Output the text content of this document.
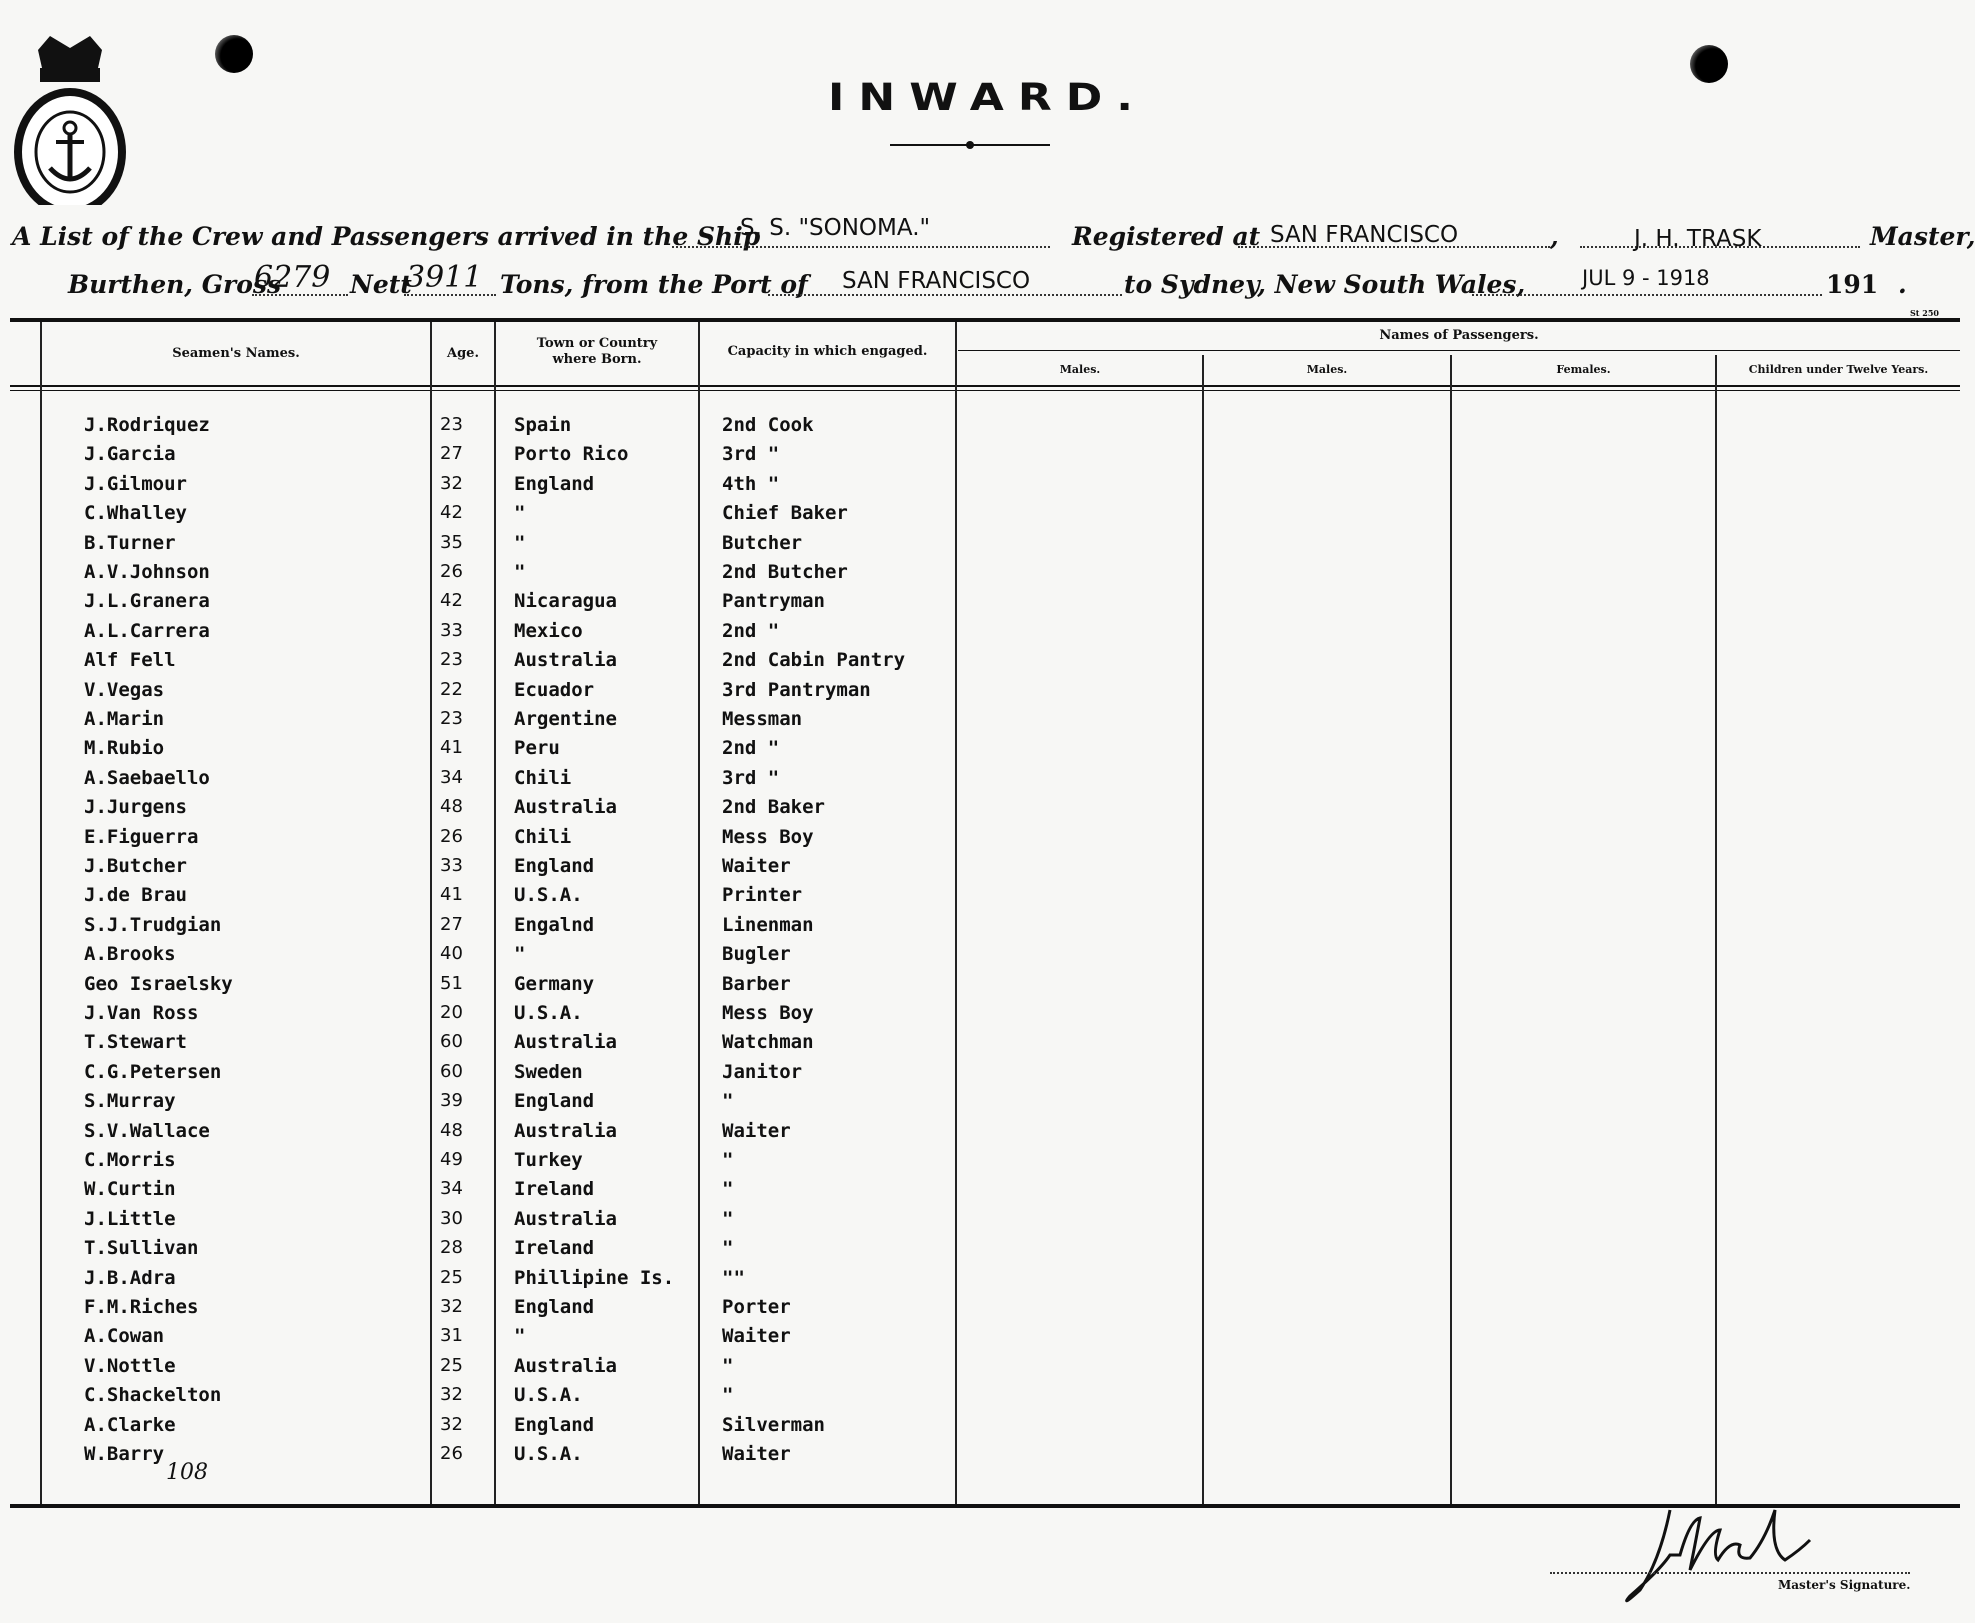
INWARD.
A List of the Crew and Passengers arrived in the Ship
S. S. "SONOMA."	Registered at SAN FRANCISCO	,	J. H. TRASK	Master,
Burthen, Gross
6279 Nett
3911 Tons, from the Port of SAN FRANCISCO	to Sydney, New South Wales,	JUL 9 - 1918	191 .
St 250
Seamen's Names.	Age.
Town or Country
where Born.
Capacity in which engaged.
Names of Passengers.
Males.	Males.	Females.	Children under Twelve Years.
J.Rodriquez	23	Spain	2nd Cook
J.Garcia	27	Porto Rico	3rd "
J.Gilmour	32	England	4th "
C.Whalley	42	"	Chief Baker
B.Turner	35	"	Butcher
A.V.Johnson	26	"	2nd Butcher
J.L.Granera	42	Nicaragua	Pantryman
A.L.Carrera	33	Mexico	2nd "
Alf Fell	23	Australia	2nd Cabin Pantry
V.Vegas	22	Ecuador	3rd Pantryman
A.Marin	23	Argentine	Messman
M.Rubio	41	Peru	2nd "
A.Saebaello	34	Chili	3rd "
J.Jurgens	48	Australia	2nd Baker
E.Figuerra	26	Chili	Mess Boy
J.Butcher	33	England	Waiter
J.de Brau	41	U.S.A.	Printer
S.J.Trudgian	27	Engalnd	Linenman
A.Brooks	40	"	Bugler
Geo Israelsky	51	Germany	Barber
J.Van Ross	20	U.S.A.	Mess Boy
T.Stewart	60	Australia	Watchman
C.G.Petersen	60	Sweden	Janitor
S.Murray	39	England	"
S.V.Wallace	48	Australia	Waiter
C.Morris	49	Turkey	"
W.Curtin	34	Ireland	"
J.Little	30	Australia	"
T.Sullivan	28	Ireland	"
J.B.Adra	25	Phillipine Is.	""
F.M.Riches	32	England	Porter
A.Cowan	31	"	Waiter
V.Nottle	25	Australia	"
C.Shackelton	32	U.S.A.	"
A.Clarke	32	England	Silverman
W.Barry	26	U.S.A.	Waiter
108
Master's Signature.
